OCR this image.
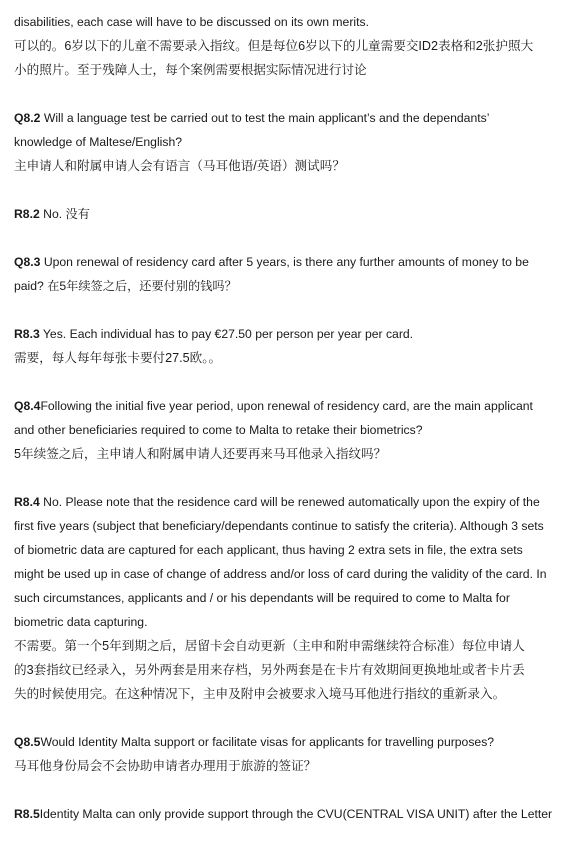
disabilities, each case will have to be discussed on its own merits.
可以的。6岁以下的儿童不需要录入指纹。但是每位6岁以下的儿童需要交ID2表格和2张护照大
小的照片。至于残障人士，每个案例需要根据实际情况进行讨论
Q8.2 Will a language test be carried out to test the main applicant’s and the dependants’
knowledge of Maltese/English?
主申请人和附属申请人会有语言（马耳他语/英语）测试吗？
R8.2 No. 没有
Q8.3 Upon renewal of residency card after 5 years, is there any further amounts of money to be
paid? 在5年续签之后，还要付别的钱吗？
R8.3 Yes. Each individual has to pay €27.50 per person per year per card.
需要，每人每年每张卡要付27.5欧。。
Q8.4Following the initial five year period, upon renewal of residency card, are the main applicant
and other beneficiaries required to come to Malta to retake their biometrics?
5年续签之后，主申请人和附属申请人还要再来马耳他录入指纹吗？
R8.4 No. Please note that the residence card will be renewed automatically upon the expiry of the
first five years (subject that beneficiary/dependants continue to satisfy the criteria). Although 3 sets
of biometric data are captured for each applicant, thus having 2 extra sets in file, the extra sets
might be used up in case of change of address and/or loss of card during the validity of the card. In
such circumstances, applicants and / or his dependants will be required to come to Malta for
biometric data capturing.
不需要。第一个5年到期之后，居留卡会自动更新（主申和附申需继续符合标准）每位申请人
的3套指纹已经录入，另外两套是用来存档，另外两套是在卡片有效期间更换地址或者卡片丢
失的时候使用完。在这种情况下，主申及附申会被要求入境马耳他进行指纹的重新录入。
Q8.5Would Identity Malta support or facilitate visas for applicants for travelling purposes?
马耳他身份局会不会协助申请者办理用于旅游的签证？
R8.5Identity Malta can only provide support through the CVU(CENTRAL VISA UNIT) after the Letter
